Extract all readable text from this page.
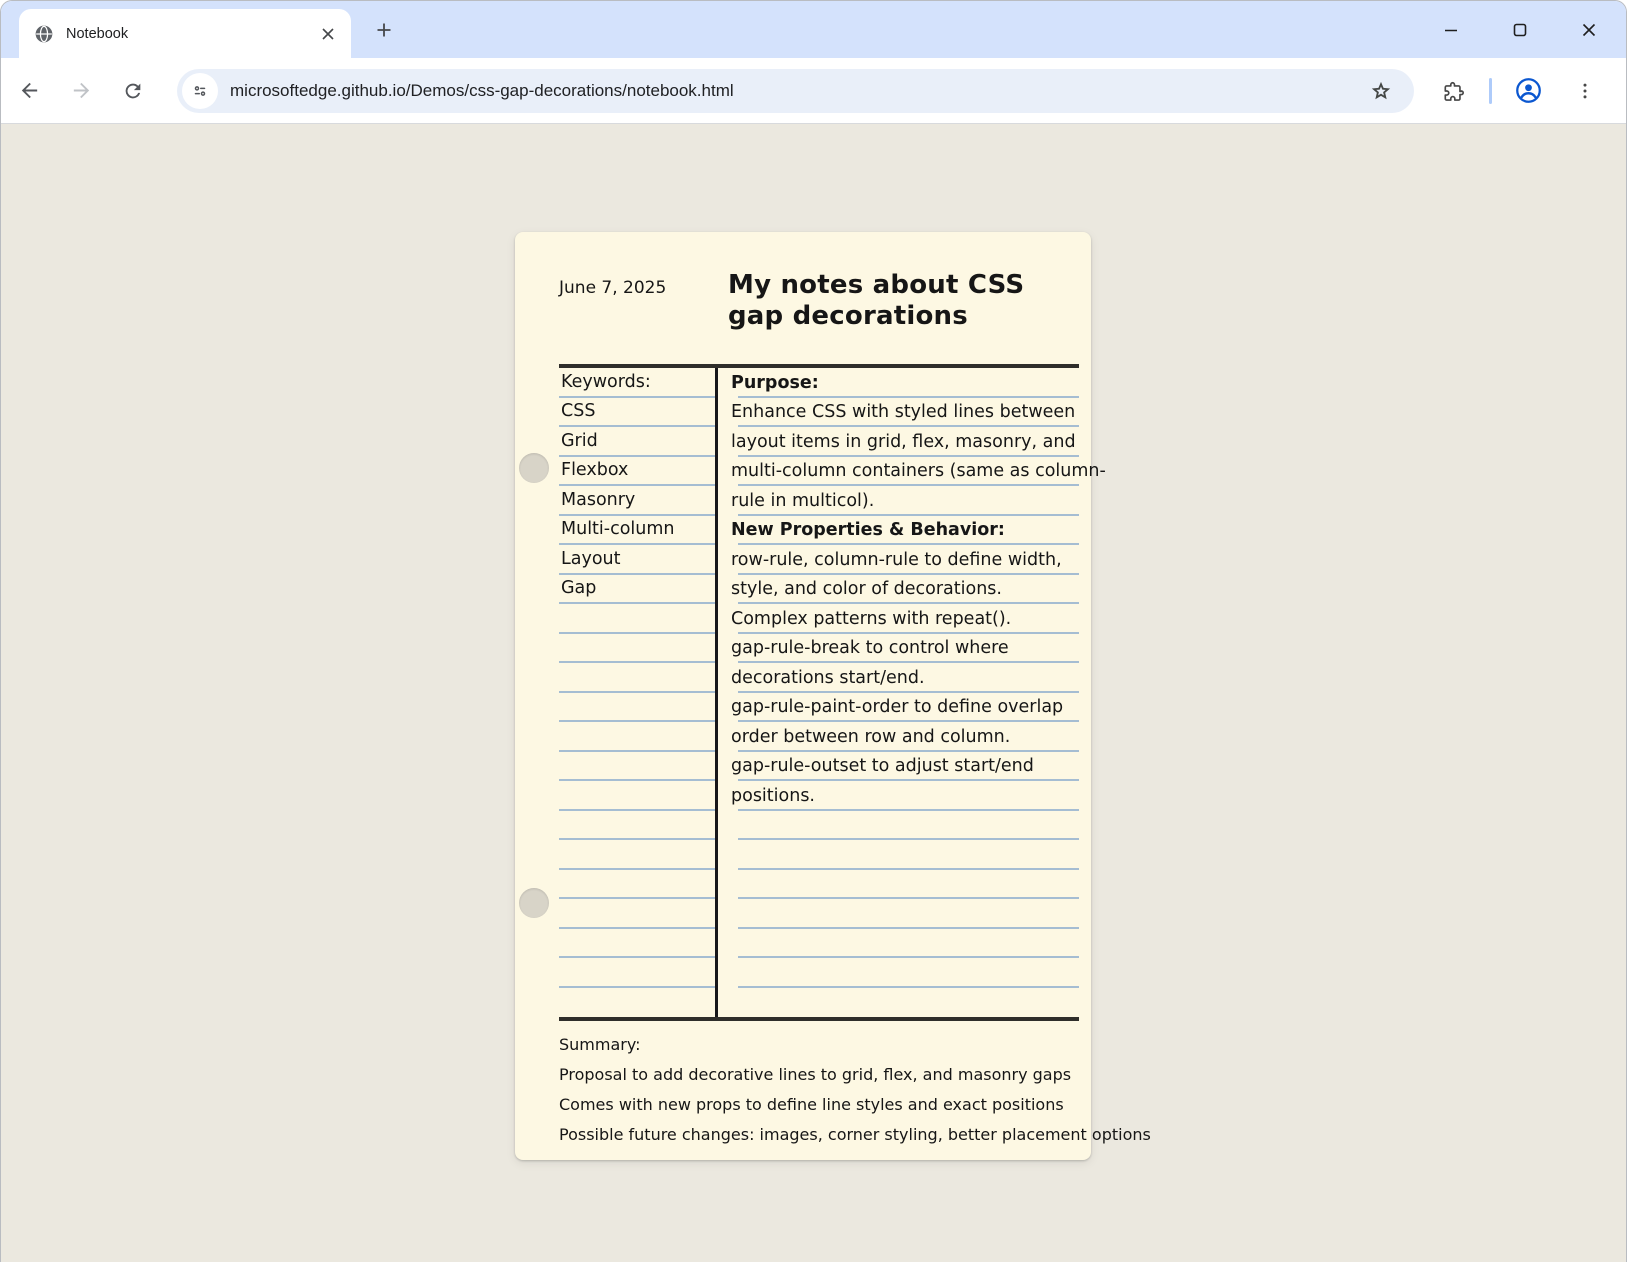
Notebook
microsoftedge.github.io/Demos/css-gap-decorations/notebook.html
June 7, 2025	My notes about CSS gap decorations
Keywords:
CSS
Grid
Flexbox
Masonry
Multi-column
Layout
Gap
Purpose:
Enhance CSS with styled lines between
layout items in grid, flex, masonry, and
multi-column containers (same as column-
rule in multicol).
New Properties & Behavior:
row-rule, column-rule to define width,
style, and color of decorations.
Complex patterns with repeat().
gap-rule-break to control where
decorations start/end.
gap-rule-paint-order to define overlap
order between row and column.
gap-rule-outset to adjust start/end
positions.
Summary:
Proposal to add decorative lines to grid, flex, and masonry gaps
Comes with new props to define line styles and exact positions
Possible future changes: images, corner styling, better placement options
